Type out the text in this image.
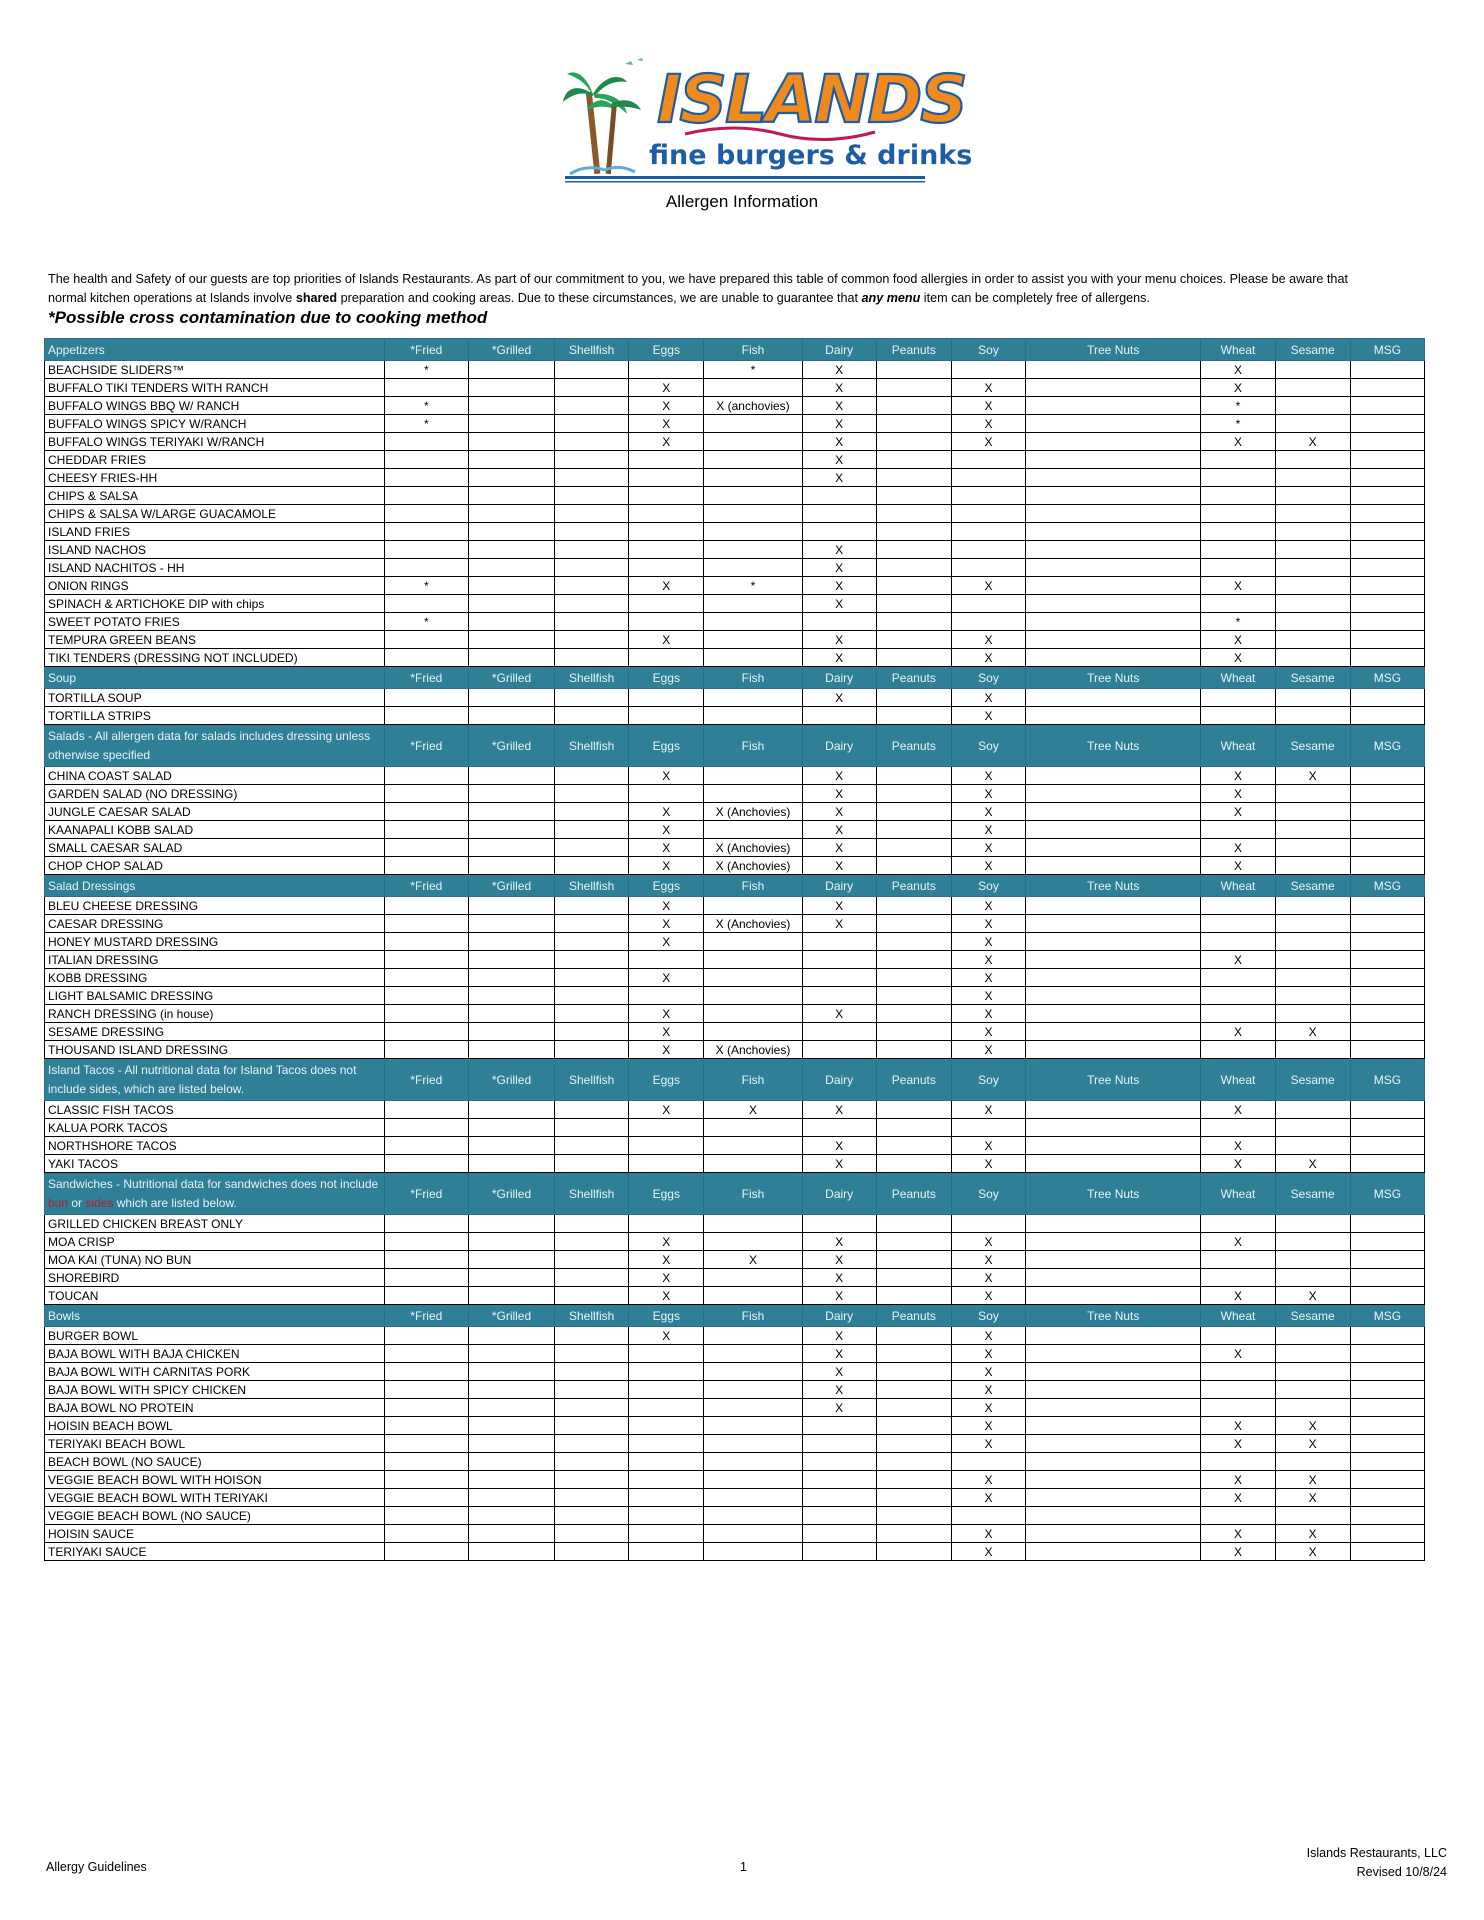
ISLANDS
fine burgers & drinks
Allergen Information
The health and Safety of our guests are top priorities of Islands Restaurants. As part of our commitment to you, we have prepared this table of common food allergies in order to assist you with your menu choices. Please be aware that
normal kitchen operations at Islands involve shared preparation and cooking areas. Due to these circumstances, we are unable to guarantee that any menu item can be completely free of allergens.
*Possible cross contamination due to cooking method
Appetizers	*Fried	*Grilled	Shellfish	Eggs	Fish	Dairy	Peanuts	Soy	Tree Nuts	Wheat	Sesame	MSG
BEACHSIDE SLIDERS™	*				*	X				X		
BUFFALO TIKI TENDERS WITH RANCH				X		X		X		X		
BUFFALO WINGS BBQ W/ RANCH	*			X	X (anchovies)	X		X		*		
BUFFALO WINGS SPICY W/RANCH	*			X		X		X		*		
BUFFALO WINGS TERIYAKI W/RANCH				X		X		X		X	X	
CHEDDAR FRIES						X						
CHEESY FRIES-HH						X						
CHIPS & SALSA												
CHIPS & SALSA W/LARGE GUACAMOLE												
ISLAND FRIES												
ISLAND NACHOS						X						
ISLAND NACHITOS - HH						X						
ONION RINGS	*			X	*	X		X		X		
SPINACH & ARTICHOKE DIP with chips						X						
SWEET POTATO FRIES	*									*		
TEMPURA GREEN BEANS				X		X		X		X		
TIKI TENDERS (DRESSING NOT INCLUDED)						X		X		X		
Soup	*Fried	*Grilled	Shellfish	Eggs	Fish	Dairy	Peanuts	Soy	Tree Nuts	Wheat	Sesame	MSG
TORTILLA SOUP						X		X				
TORTILLA STRIPS								X				
Salads - All allergen data for salads includes dressing unless otherwise specified	*Fried	*Grilled	Shellfish	Eggs	Fish	Dairy	Peanuts	Soy	Tree Nuts	Wheat	Sesame	MSG
CHINA COAST SALAD				X		X		X		X	X	
GARDEN SALAD (NO DRESSING)						X		X		X		
JUNGLE CAESAR SALAD				X	X (Anchovies)	X		X		X		
KAANAPALI KOBB SALAD				X		X		X				
SMALL CAESAR SALAD				X	X (Anchovies)	X		X		X		
CHOP CHOP SALAD				X	X (Anchovies)	X		X		X		
Salad Dressings	*Fried	*Grilled	Shellfish	Eggs	Fish	Dairy	Peanuts	Soy	Tree Nuts	Wheat	Sesame	MSG
BLEU CHEESE DRESSING				X		X		X				
CAESAR DRESSING				X	X (Anchovies)	X		X				
HONEY MUSTARD DRESSING				X				X				
ITALIAN DRESSING								X		X		
KOBB DRESSING				X				X				
LIGHT BALSAMIC DRESSING								X				
RANCH DRESSING (in house)				X		X		X				
SESAME DRESSING				X				X		X	X	
THOUSAND ISLAND DRESSING				X	X (Anchovies)			X				
Island Tacos - All nutritional data for Island Tacos does not include sides, which are listed below.	*Fried	*Grilled	Shellfish	Eggs	Fish	Dairy	Peanuts	Soy	Tree Nuts	Wheat	Sesame	MSG
CLASSIC FISH TACOS				X	X	X		X		X		
KALUA PORK TACOS												
NORTHSHORE TACOS						X		X		X		
YAKI TACOS						X		X		X	X	
Sandwiches - Nutritional data for sandwiches does not include bun or sides which are listed below.	*Fried	*Grilled	Shellfish	Eggs	Fish	Dairy	Peanuts	Soy	Tree Nuts	Wheat	Sesame	MSG
GRILLED CHICKEN BREAST ONLY												
MOA CRISP				X		X		X		X		
MOA KAI (TUNA) NO BUN				X	X	X		X				
SHOREBIRD				X		X		X				
TOUCAN				X		X		X		X	X	
Bowls	*Fried	*Grilled	Shellfish	Eggs	Fish	Dairy	Peanuts	Soy	Tree Nuts	Wheat	Sesame	MSG
BURGER BOWL				X		X		X				
BAJA BOWL WITH BAJA CHICKEN						X		X		X		
BAJA BOWL WITH CARNITAS PORK						X		X				
BAJA BOWL WITH SPICY CHICKEN						X		X				
BAJA BOWL NO PROTEIN						X		X				
HOISIN BEACH BOWL								X		X	X	
TERIYAKI BEACH BOWL								X		X	X	
BEACH BOWL (NO SAUCE)												
VEGGIE BEACH BOWL WITH HOISON								X		X	X	
VEGGIE BEACH BOWL WITH TERIYAKI								X		X	X	
VEGGIE BEACH BOWL (NO SAUCE)												
HOISIN SAUCE								X		X	X	
TERIYAKI SAUCE								X		X	X	
Allergy Guidelines	1
Islands Restaurants, LLC
Revised 10/8/24
